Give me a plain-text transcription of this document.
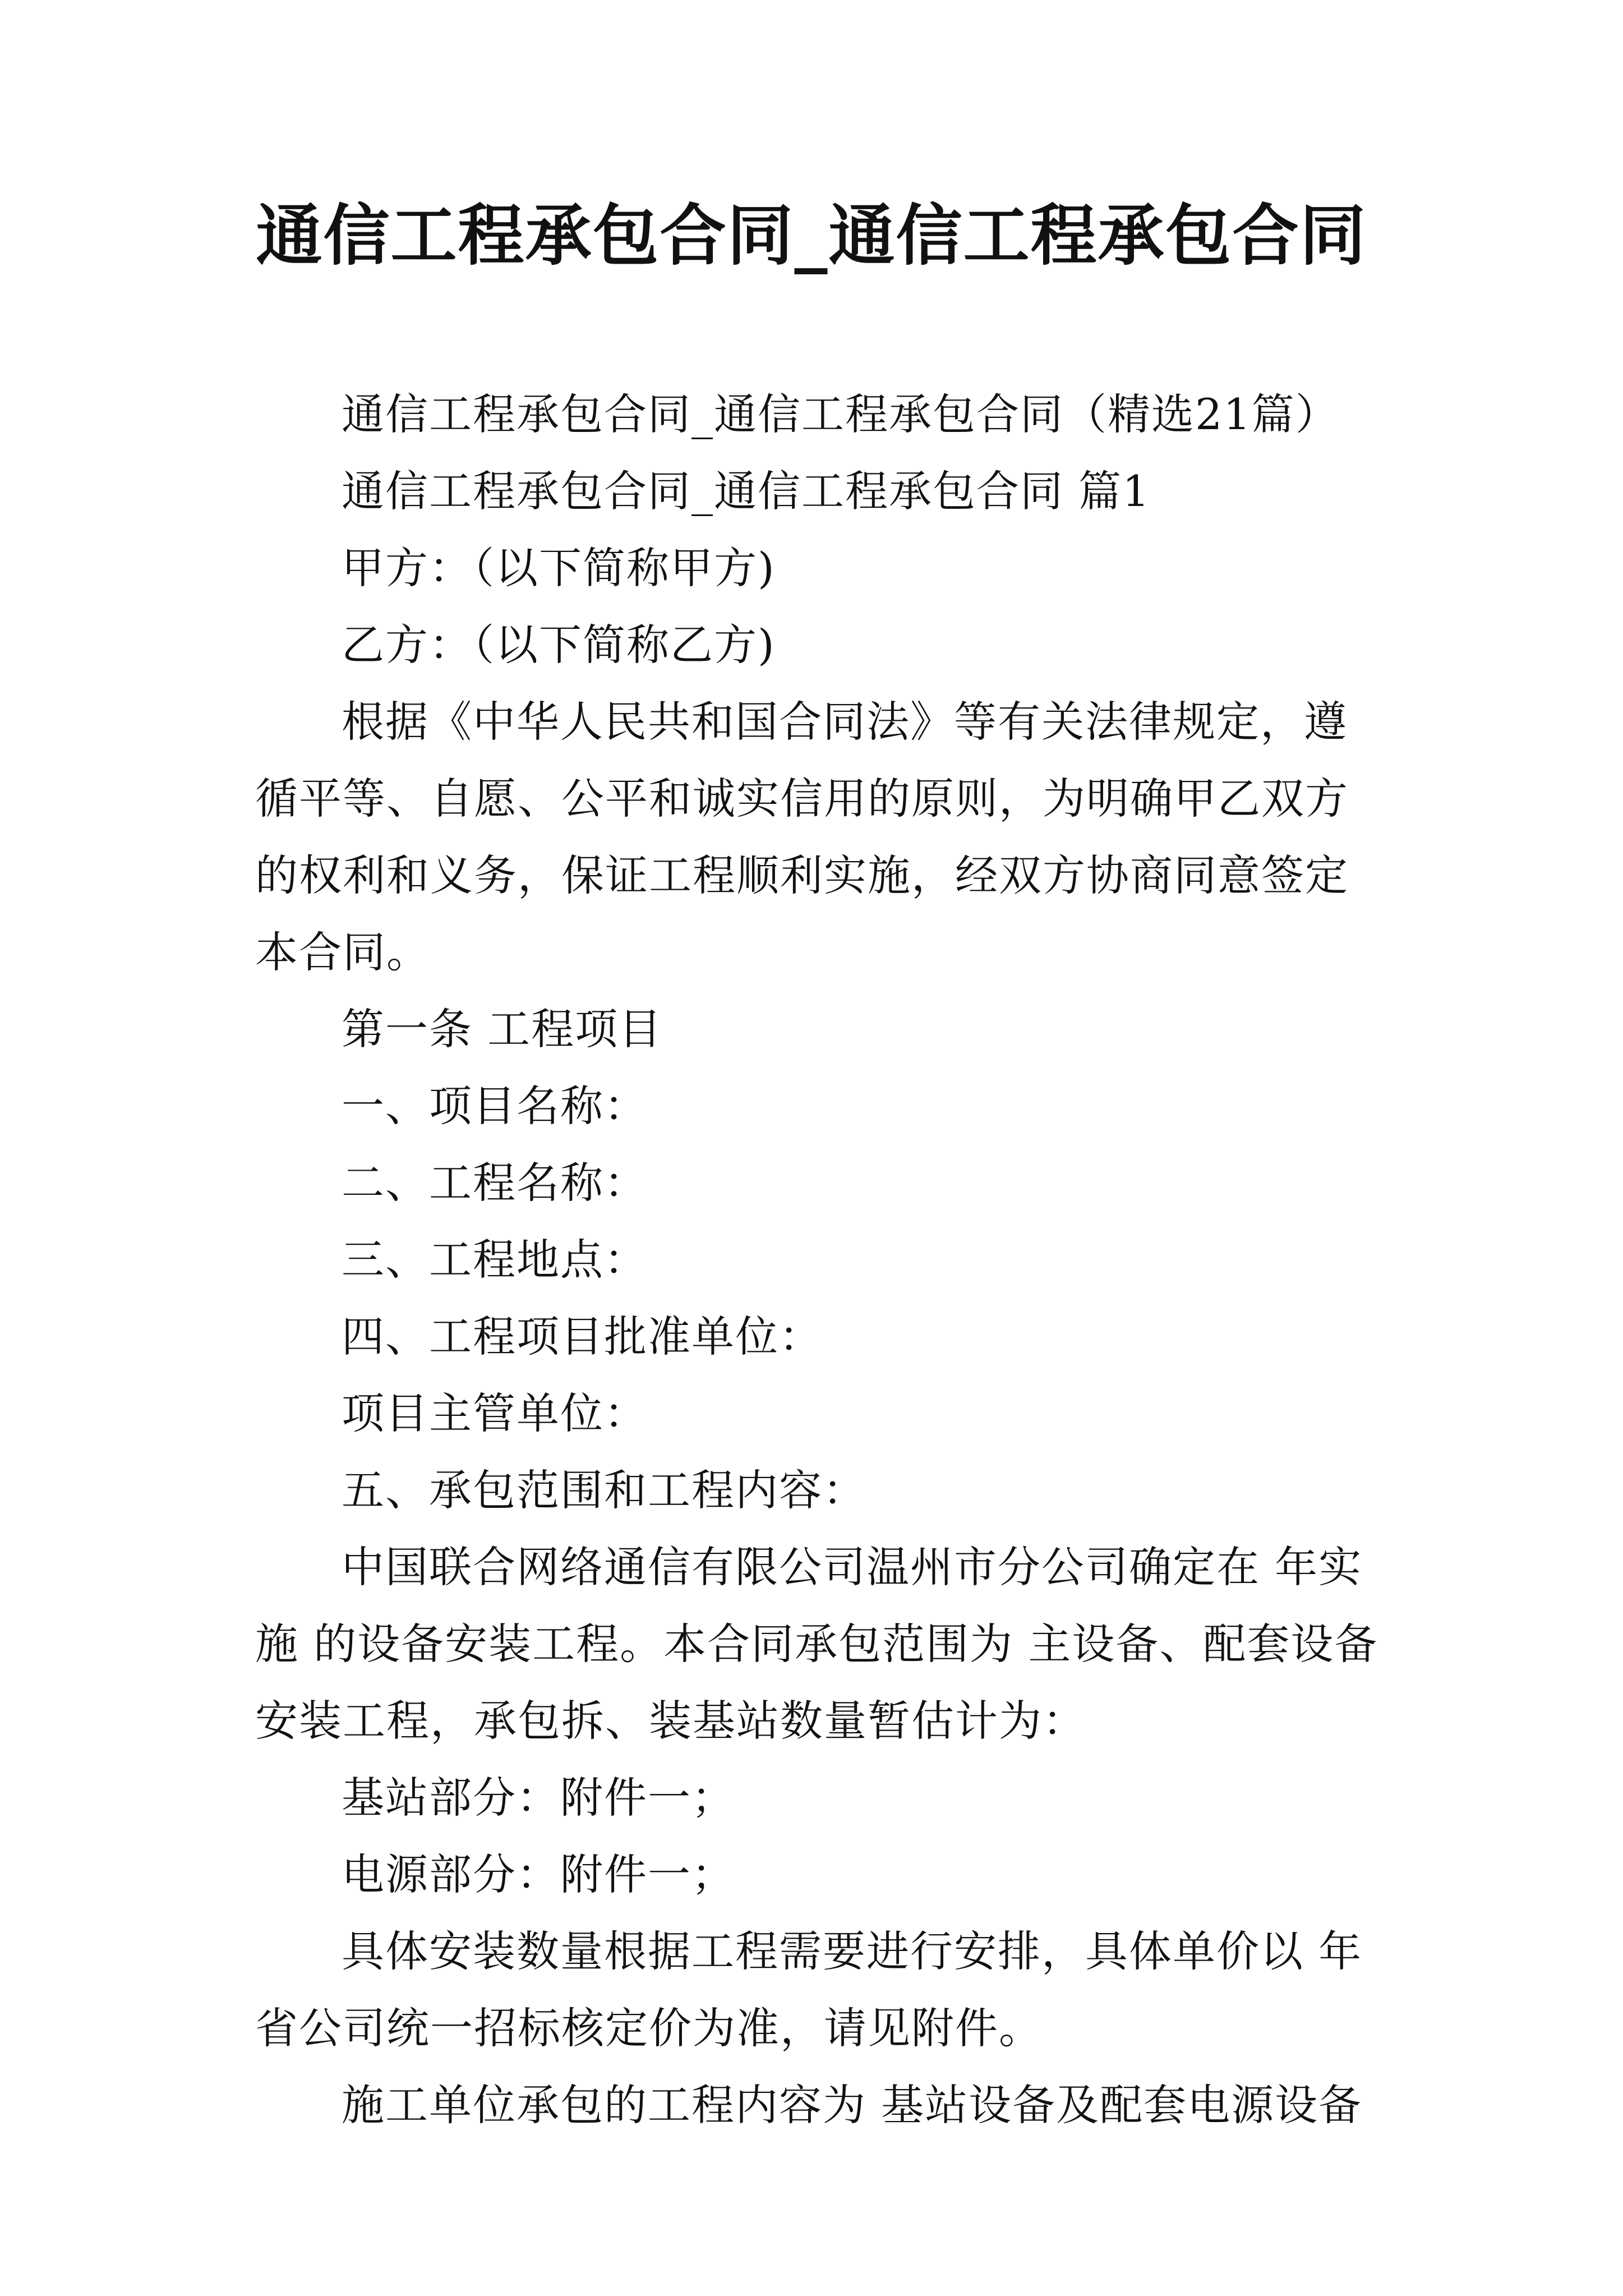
通信工程承包合同_通信工程承包合同

通信工程承包合同_通信工程承包合同（精选21篇）

通信工程承包合同_通信工程承包合同 篇1

甲方：（以下简称甲方)

乙方：（以下简称乙方)

根据《中华人民共和国合同法》等有关法律规定，遵循平等、自愿、公平和诚实信用的原则，为明确甲乙双方的权利和义务，保证工程顺利实施，经双方协商同意签定本合同。

第一条 工程项目

一、项目名称：

二、工程名称：

三、工程地点：

四、工程项目批准单位：

项目主管单位：

五、承包范围和工程内容：

中国联合网络通信有限公司温州市分公司确定在 年实施 的设备安装工程。本合同承包范围为 主设备、配套设备安装工程，承包拆、装基站数量暂估计为：

基站部分：附件一；

电源部分：附件一；

具体安装数量根据工程需要进行安排，具体单价以 年省公司统一招标核定价为准，请见附件。

施工单位承包的工程内容为 基站设备及配套电源设备
